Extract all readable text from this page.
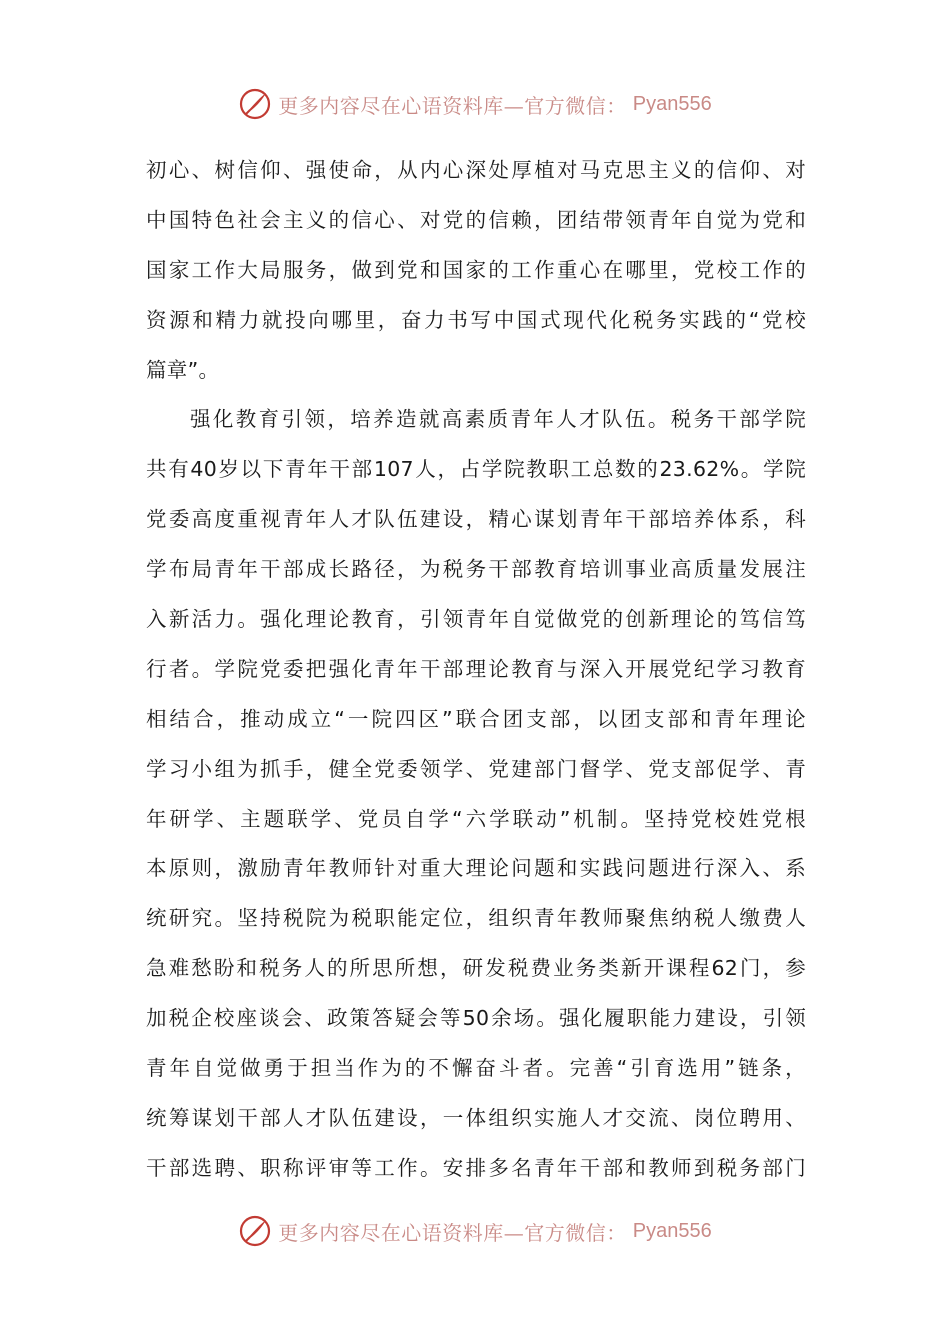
更多内容尽在心语资料库—官方微信： Pyan556
初心、树信仰、强使命，从内心深处厚植对马克思主义的信仰、对
中国特色社会主义的信心、对党的信赖，团结带领青年自觉为党和
国家工作大局服务，做到党和国家的工作重心在哪里，党校工作的
资源和精力就投向哪里，奋力书写中国式现代化税务实践的“党校
篇章”。
强化教育引领，培养造就高素质青年人才队伍。税务干部学院
共有40岁以下青年干部107人，占学院教职工总数的23.62%。学院
党委高度重视青年人才队伍建设，精心谋划青年干部培养体系，科
学布局青年干部成长路径，为税务干部教育培训事业高质量发展注
入新活力。强化理论教育，引领青年自觉做党的创新理论的笃信笃
行者。学院党委把强化青年干部理论教育与深入开展党纪学习教育
相结合，推动成立“一院四区”联合团支部，以团支部和青年理论
学习小组为抓手，健全党委领学、党建部门督学、党支部促学、青
年研学、主题联学、党员自学“六学联动”机制。坚持党校姓党根
本原则，激励青年教师针对重大理论问题和实践问题进行深入、系
统研究。坚持税院为税职能定位，组织青年教师聚焦纳税人缴费人
急难愁盼和税务人的所思所想，研发税费业务类新开课程62门，参
加税企校座谈会、政策答疑会等50余场。强化履职能力建设，引领
青年自觉做勇于担当作为的不懈奋斗者。完善“引育选用”链条，
统筹谋划干部人才队伍建设，一体组织实施人才交流、岗位聘用、
干部选聘、职称评审等工作。安排多名青年干部和教师到税务部门
更多内容尽在心语资料库—官方微信： Pyan556
